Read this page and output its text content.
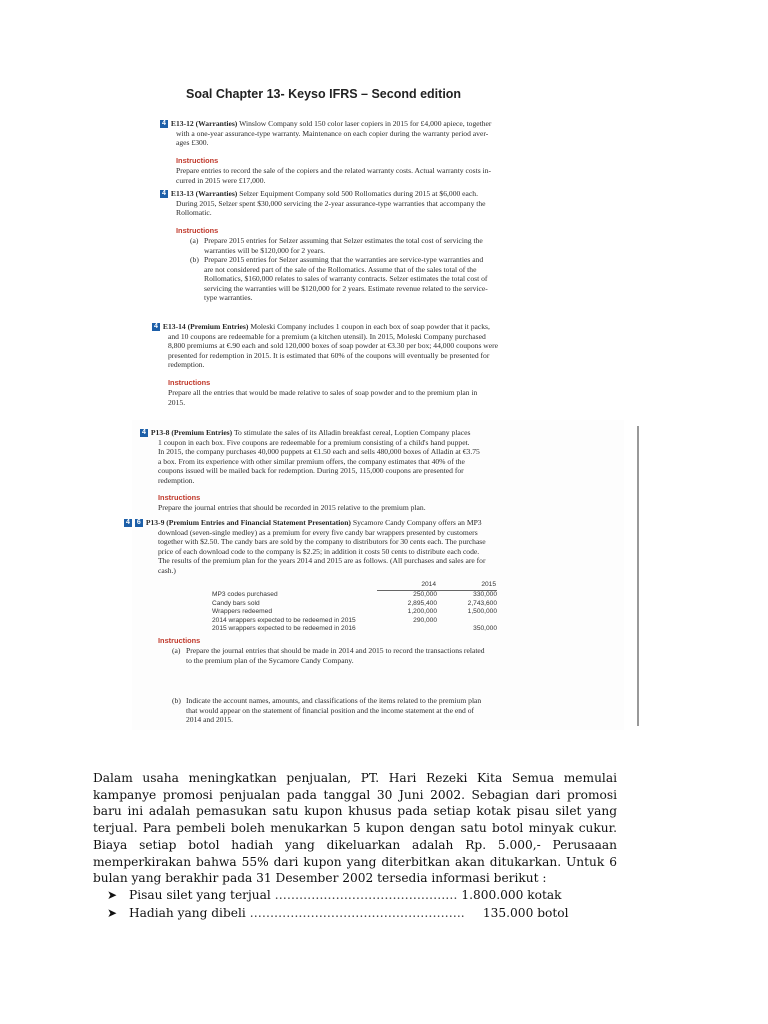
Soal Chapter 13- Keyso IFRS – Second edition
4 E13-12 (Warranties) Winslow Company sold 150 color laser copiers in 2015 for £4,000 apiece, together
with a one-year assurance-type warranty. Maintenance on each copier during the warranty period aver-
ages £300.
Instructions
Prepare entries to record the sale of the copiers and the related warranty costs. Actual warranty costs in-
curred in 2015 were £17,000.
4 E13-13 (Warranties) Selzer Equipment Company sold 500 Rollomatics during 2015 at $6,000 each.
During 2015, Selzer spent $30,000 servicing the 2-year assurance-type warranties that accompany the
Rollomatic.
Instructions
(a) Prepare 2015 entries for Selzer assuming that Selzer estimates the total cost of servicing the
warranties will be $120,000 for 2 years.
(b) Prepare 2015 entries for Selzer assuming that the warranties are service-type warranties and
are not considered part of the sale of the Rollomatics. Assume that of the sales total of the
Rollomatics, $160,000 relates to sales of warranty contracts. Selzer estimates the total cost of
servicing the warranties will be $120,000 for 2 years. Estimate revenue related to the service-
type warranties.
4 E13-14 (Premium Entries) Moleski Company includes 1 coupon in each box of soap powder that it packs,
and 10 coupons are redeemable for a premium (a kitchen utensil). In 2015, Moleski Company purchased
8,800 premiums at €.90 each and sold 120,000 boxes of soap powder at €3.30 per box; 44,000 coupons were
presented for redemption in 2015. It is estimated that 60% of the coupons will eventually be presented for
redemption.
Instructions
Prepare all the entries that would be made relative to sales of soap powder and to the premium plan in
2015.
4 P13-8 (Premium Entries) To stimulate the sales of its Alladin breakfast cereal, Loptien Company places
1 coupon in each box. Five coupons are redeemable for a premium consisting of a child's hand puppet.
In 2015, the company purchases 40,000 puppets at €1.50 each and sells 480,000 boxes of Alladin at €3.75
a box. From its experience with other similar premium offers, the company estimates that 40% of the
coupons issued will be mailed back for redemption. During 2015, 115,000 coupons are presented for
redemption.
Instructions
Prepare the journal entries that should be recorded in 2015 relative to the premium plan.
4 6 P13-9 (Premium Entries and Financial Statement Presentation) Sycamore Candy Company offers an MP3
download (seven-single medley) as a premium for every five candy bar wrappers presented by customers
together with $2.50. The candy bars are sold by the company to distributors for 30 cents each. The purchase
price of each download code to the company is $2.25; in addition it costs 50 cents to distribute each code.
The results of the premium plan for the years 2014 and 2015 are as follows. (All purchases and sales are for
cash.)
	2014	2015
MP3 codes purchased	250,000	330,000
Candy bars sold	2,895,400	2,743,600
Wrappers redeemed	1,200,000	1,500,000
2014 wrappers expected to be redeemed in 2015	290,000	
2015 wrappers expected to be redeemed in 2016		350,000
Instructions
(a) Prepare the journal entries that should be made in 2014 and 2015 to record the transactions related
to the premium plan of the Sycamore Candy Company.
(b) Indicate the account names, amounts, and classifications of the items related to the premium plan
that would appear on the statement of financial position and the income statement at the end of
2014 and 2015.
Dalam usaha meningkatkan penjualan, PT. Hari Rezeki Kita Semua memulai kampanye promosi penjualan pada tanggal 30 Juni 2002. Sebagian dari promosi baru ini adalah pemasukan satu kupon khusus pada setiap kotak pisau silet yang terjual. Para pembeli boleh menukarkan 5 kupon dengan satu botol minyak cukur. Biaya setiap botol hadiah yang dikeluarkan adalah Rp. 5.000,- Perusaaan memperkirakan bahwa 55% dari kupon yang diterbitkan akan ditukarkan. Untuk 6 bulan yang berakhir pada 31 Desember 2002 tersedia informasi berikut :
➤ Pisau silet yang terjual ……………………………………… 1.800.000 kotak
➤ Hadiah yang dibeli …………………………………………….. 135.000 botol
